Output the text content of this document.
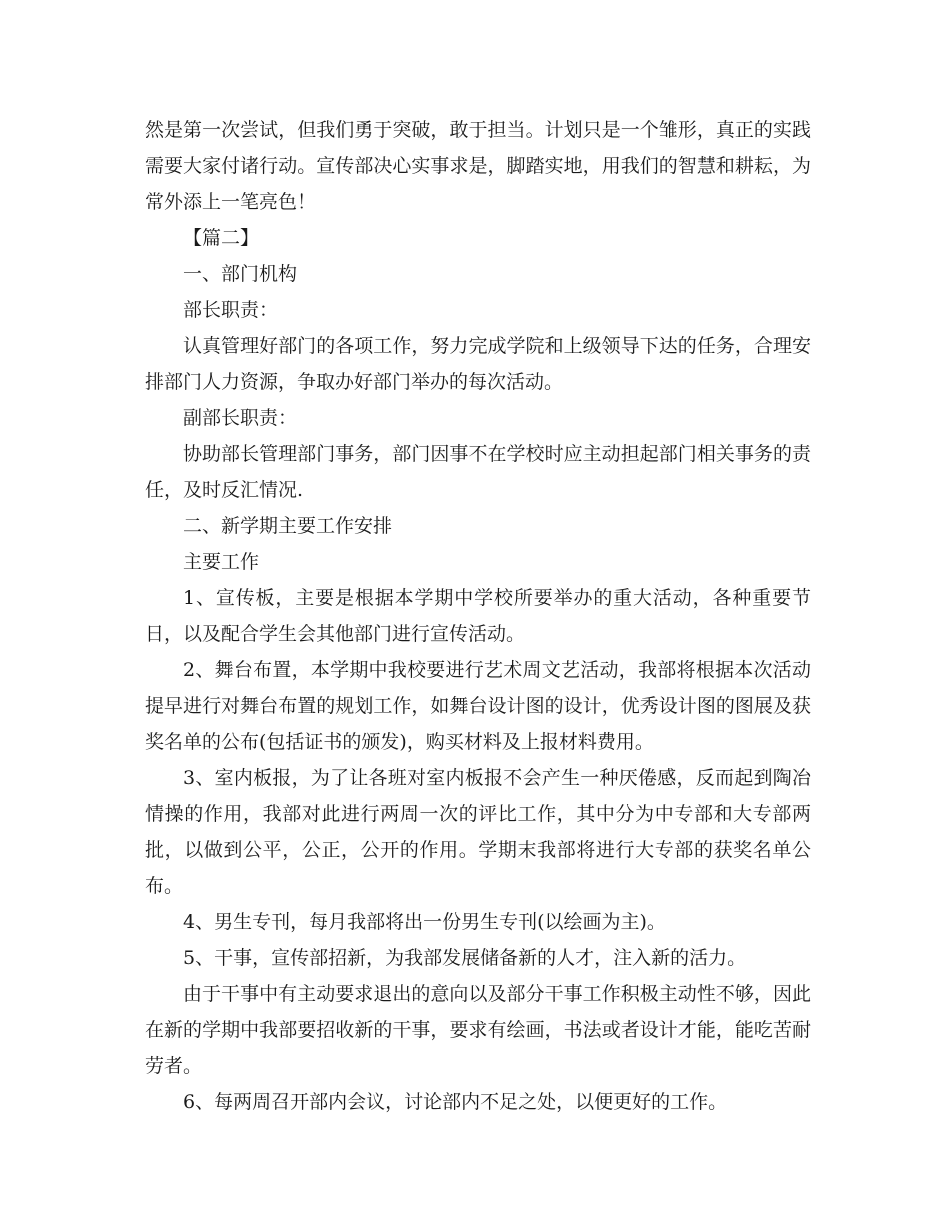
然是第一次尝试，但我们勇于突破，敢于担当。计划只是一个雏形，真正的实践需要大家付诸行动。宣传部决心实事求是，脚踏实地，用我们的智慧和耕耘，为常外添上一笔亮色！

【篇二】

一、部门机构

部长职责：

认真管理好部门的各项工作，努力完成学院和上级领导下达的任务，合理安排部门人力资源，争取办好部门举办的每次活动。

副部长职责：

协助部长管理部门事务，部门因事不在学校时应主动担起部门相关事务的责任，及时反汇情况.

二、新学期主要工作安排

主要工作

1、宣传板，主要是根据本学期中学校所要举办的重大活动，各种重要节日，以及配合学生会其他部门进行宣传活动。

2、舞台布置，本学期中我校要进行艺术周文艺活动，我部将根据本次活动提早进行对舞台布置的规划工作，如舞台设计图的设计，优秀设计图的图展及获奖名单的公布(包括证书的颁发)，购买材料及上报材料费用。

3、室内板报，为了让各班对室内板报不会产生一种厌倦感，反而起到陶冶情操的作用，我部对此进行两周一次的评比工作，其中分为中专部和大专部两批，以做到公平，公正，公开的作用。学期末我部将进行大专部的获奖名单公布。

4、男生专刊，每月我部将出一份男生专刊(以绘画为主)。

5、干事，宣传部招新，为我部发展储备新的人才，注入新的活力。

由于干事中有主动要求退出的意向以及部分干事工作积极主动性不够，因此在新的学期中我部要招收新的干事，要求有绘画，书法或者设计才能，能吃苦耐劳者。

6、每两周召开部内会议，讨论部内不足之处，以便更好的工作。
